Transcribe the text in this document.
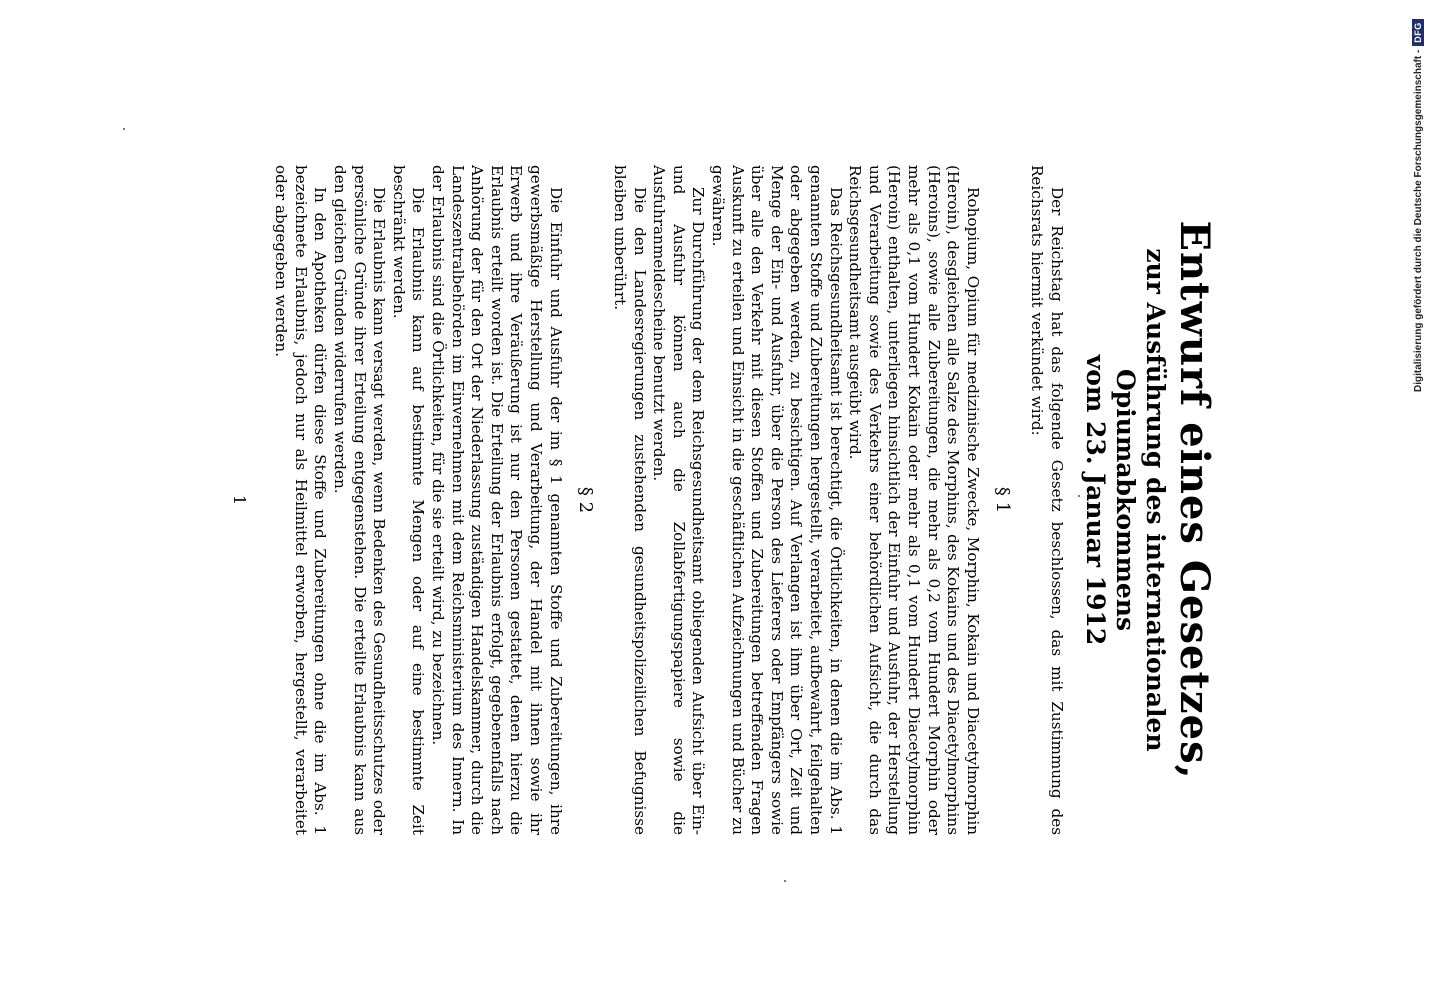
Entwurf eines Gesetzes,
zur Ausführung des internationalen Opiumabkommens
vom 23. Januar 1912

Der Reichstag hat das folgende Gesetz beschlossen, das mit Zustimmung des Reichsrats hiermit verkündet wird:

§ 1

Rohopium, Opium für medizinische Zwecke, Morphin, Kokain und Diacetylmorphin (Heroin), desgleichen alle Salze des Morphins, des Kokains und des Diacetylmorphins (Heroins), sowie alle Zubereitungen, die mehr als 0,2 vom Hundert Morphin oder mehr als 0,1 vom Hundert Kokain oder mehr als 0,1 vom Hundert Diacetylmorphin (Heroin) enthalten, unterliegen hinsichtlich der Einfuhr und Ausfuhr, der Herstellung und Verarbeitung sowie des Verkehrs einer behördlichen Aufsicht, die durch das Reichsgesundheitsamt ausgeübt wird.

Das Reichsgesundheitsamt ist berechtigt, die Örtlichkeiten, in denen die im Abs. 1 genannten Stoffe und Zubereitungen hergestellt, verarbeitet, aufbewahrt, feilgehalten oder abgegeben werden, zu besichtigen. Auf Verlangen ist ihm über Ort, Zeit und Menge der Ein- und Ausfuhr, über die Person des Lieferers oder Empfängers sowie über alle den Verkehr mit diesen Stoffen und Zubereitungen betreffenden Fragen Auskunft zu erteilen und Einsicht in die geschäftlichen Aufzeichnungen und Bücher zu gewähren.

Zur Durchführung der dem Reichsgesundheitsamt obliegenden Aufsicht über Ein- und Ausfuhr können auch die Zollabfertigungspapiere sowie die Ausfuhranmeldescheine benutzt werden.

Die den Landesregierungen zustehenden gesundheitspolizeilichen Befugnisse bleiben unberührt.

§ 2

Die Einfuhr und Ausfuhr der im § 1 genannten Stoffe und Zubereitungen, ihre gewerbsmäßige Herstellung und Verarbeitung, der Handel mit ihnen sowie ihr Erwerb und ihre Veräußerung ist nur den Personen gestattet, denen hierzu die Erlaubnis erteilt worden ist. Die Erteilung der Erlaubnis erfolgt, gegebenenfalls nach Anhörung der für den Ort der Niederlassung zuständigen Handelskammer, durch die Landeszentralbehörden im Einvernehmen mit dem Reichsministerium des Innern. In der Erlaubnis sind die Örtlichkeiten, für die sie erteilt wird, zu bezeichnen.

Die Erlaubnis kann auf bestimmte Mengen oder auf eine bestimmte Zeit beschränkt werden.

Die Erlaubnis kann versagt werden, wenn Bedenken des Gesundheitsschutzes oder persönliche Gründe ihrer Erteilung entgegenstehen. Die erteilte Erlaubnis kann aus den gleichen Gründen widerrufen werden.

In den Apotheken dürfen diese Stoffe und Zubereitungen ohne die im Abs. 1 bezeichnete Erlaubnis, jedoch nur als Heilmittel erworben, hergestellt, verarbeitet oder abgegeben werden.

1
Digitalisierung gefördert durch die Deutsche Forschungsgemeinschaft -
DFG
